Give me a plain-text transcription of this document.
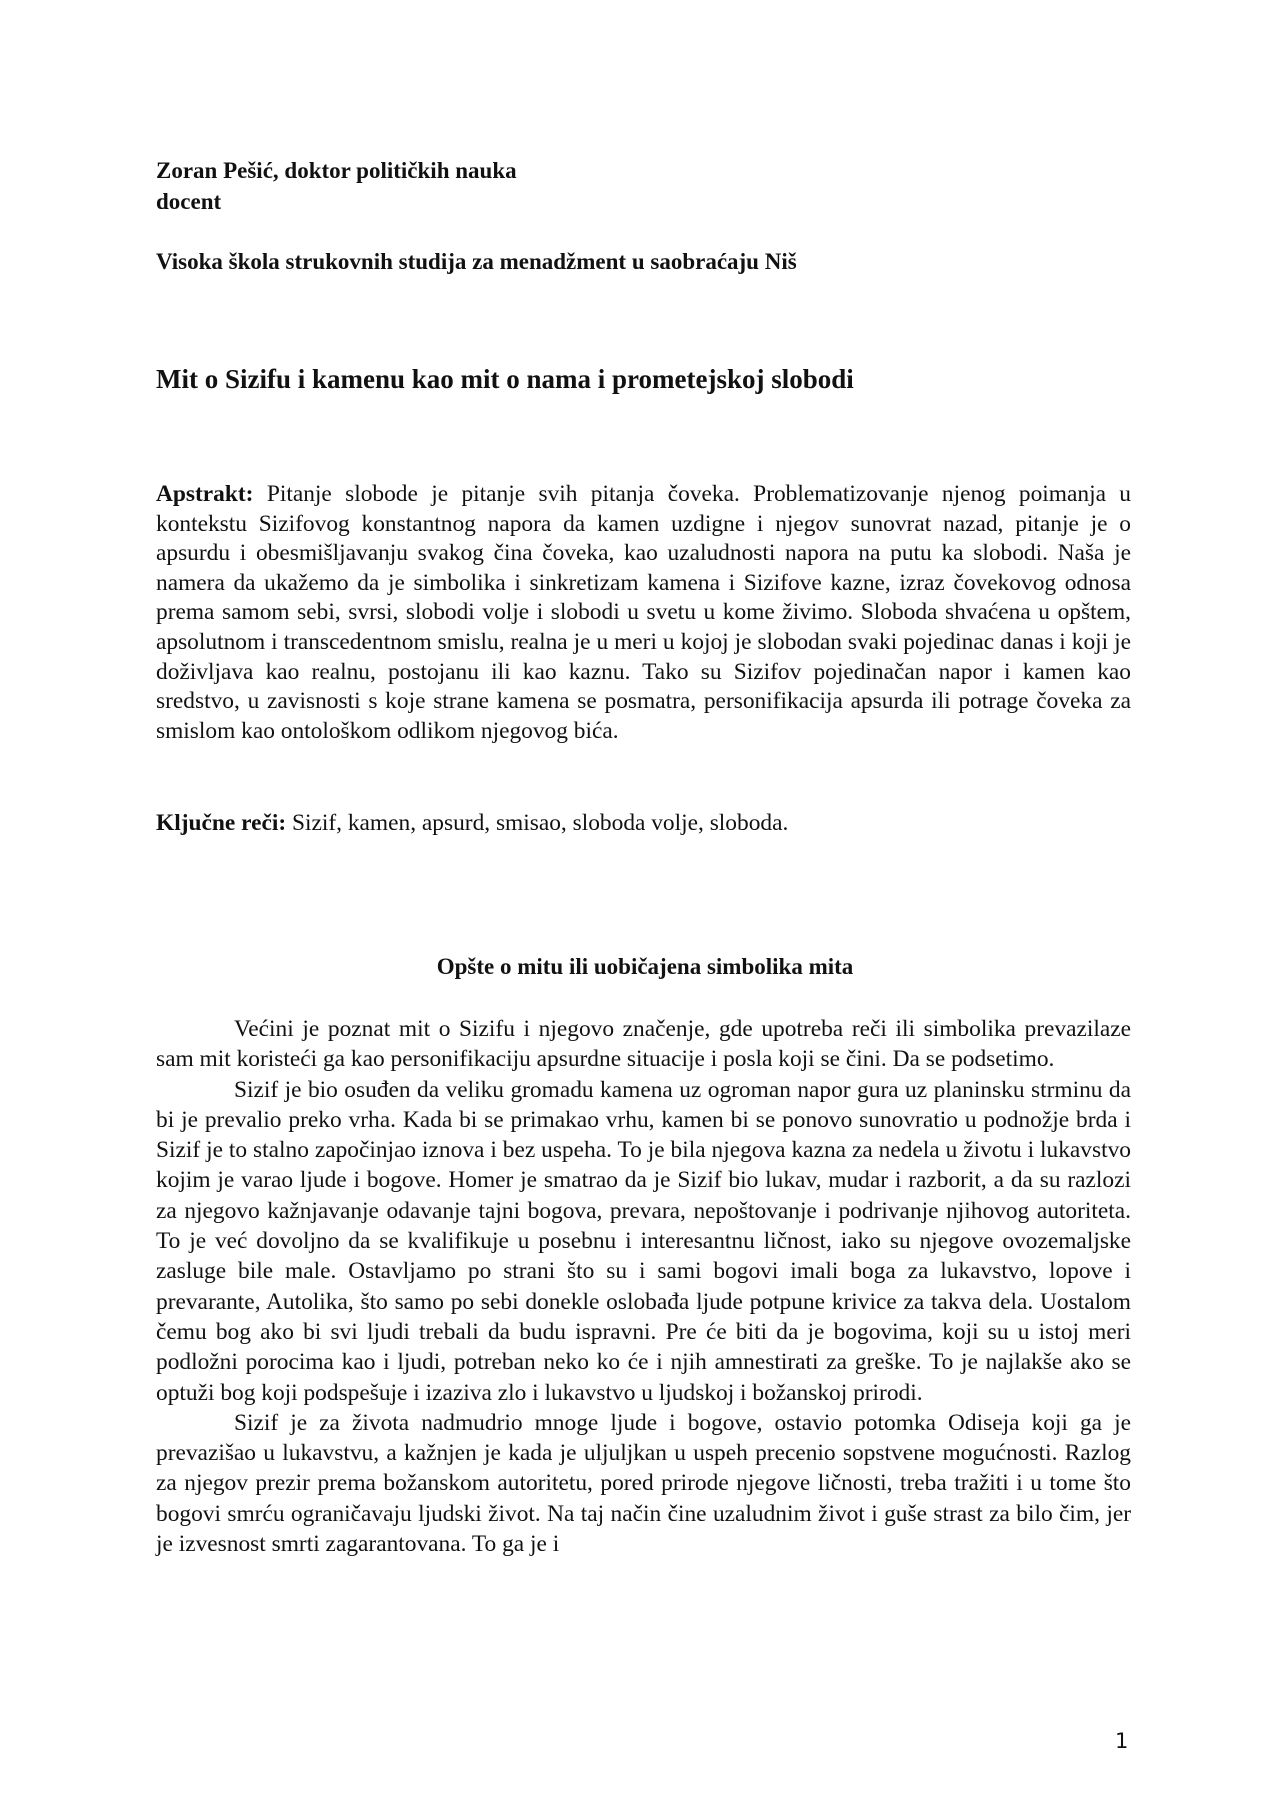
Zoran Pešić, doktor političkih nauka
docent
Visoka škola strukovnih studija za menadžment u saobraćaju Niš
Mit o Sizifu i kamenu kao mit o nama i prometejskoj slobodi

Apstrakt: Pitanje slobode je pitanje svih pitanja čoveka. Problematizovanje njenog poimanja u kontekstu Sizifovog konstantnog napora da kamen uzdigne i njegov sunovrat nazad, pitanje je o apsurdu i obesmišljavanju svakog čina čoveka, kao uzaludnosti napora na putu ka slobodi. Naša je namera da ukažemo da je simbolika i sinkretizam kamena i Sizifove kazne, izraz čovekovog odnosa prema samom sebi, svrsi, slobodi volje i slobodi u svetu u kome živimo. Sloboda shvaćena u opštem, apsolutnom i transcedentnom smislu, realna je u meri u kojoj je slobodan svaki pojedinac danas i koji je doživljava kao realnu, postojanu ili kao kaznu. Tako su Sizifov pojedinačan napor i kamen kao sredstvo, u zavisnosti s koje strane kamena se posmatra, personifikacija apsurda ili potrage čoveka za smislom kao ontološkom odlikom njegovog bića.

Ključne reči: Sizif, kamen, apsurd, smisao, sloboda volje, sloboda.
Opšte o mitu ili uobičajena simbolika mita

Većini je poznat mit o Sizifu i njegovo značenje, gde upotreba reči ili simbolika prevazilaze sam mit koristeći ga kao personifikaciju apsurdne situacije i posla koji se čini. Da se podsetimo.

Sizif je bio osuđen da veliku gromadu kamena uz ogroman napor gura uz planinsku strminu da bi je prevalio preko vrha. Kada bi se primakao vrhu, kamen bi se ponovo sunovratio u podnožje brda i Sizif je to stalno započinjao iznova i bez uspeha. To je bila njegova kazna za nedela u životu i lukavstvo kojim je varao ljude i bogove. Homer je smatrao da je Sizif bio lukav, mudar i razborit, a da su razlozi za njegovo kažnjavanje odavanje tajni bogova, prevara, nepoštovanje i podrivanje njihovog autoriteta. To je već dovoljno da se kvalifikuje u posebnu i interesantnu ličnost, iako su njegove ovozemaljske zasluge bile male. Ostavljamo po strani što su i sami bogovi imali boga za lukavstvo, lopove i prevarante, Autolika, što samo po sebi donekle oslobađa ljude potpune krivice za takva dela. Uostalom čemu bog ako bi svi ljudi trebali da budu ispravni. Pre će biti da je bogovima, koji su u istoj meri podložni porocima kao i ljudi, potreban neko ko će i njih amnestirati za greške. To je najlakše ako se optuži bog koji podspešuje i izaziva zlo i lukavstvo u ljudskoj i božanskoj prirodi.

Sizif je za života nadmudrio mnoge ljude i bogove, ostavio potomka Odiseja koji ga je prevazišao u lukavstvu, a kažnjen je kada je uljuljkan u uspeh precenio sopstvene mogućnosti. Razlog za njegov prezir prema božanskom autoritetu, pored prirode njegove ličnosti, treba tražiti i u tome što bogovi smrću ograničavaju ljudski život. Na taj način čine uzaludnim život i guše strast za bilo čim, jer je izvesnost smrti zagarantovana. To ga je i

1
